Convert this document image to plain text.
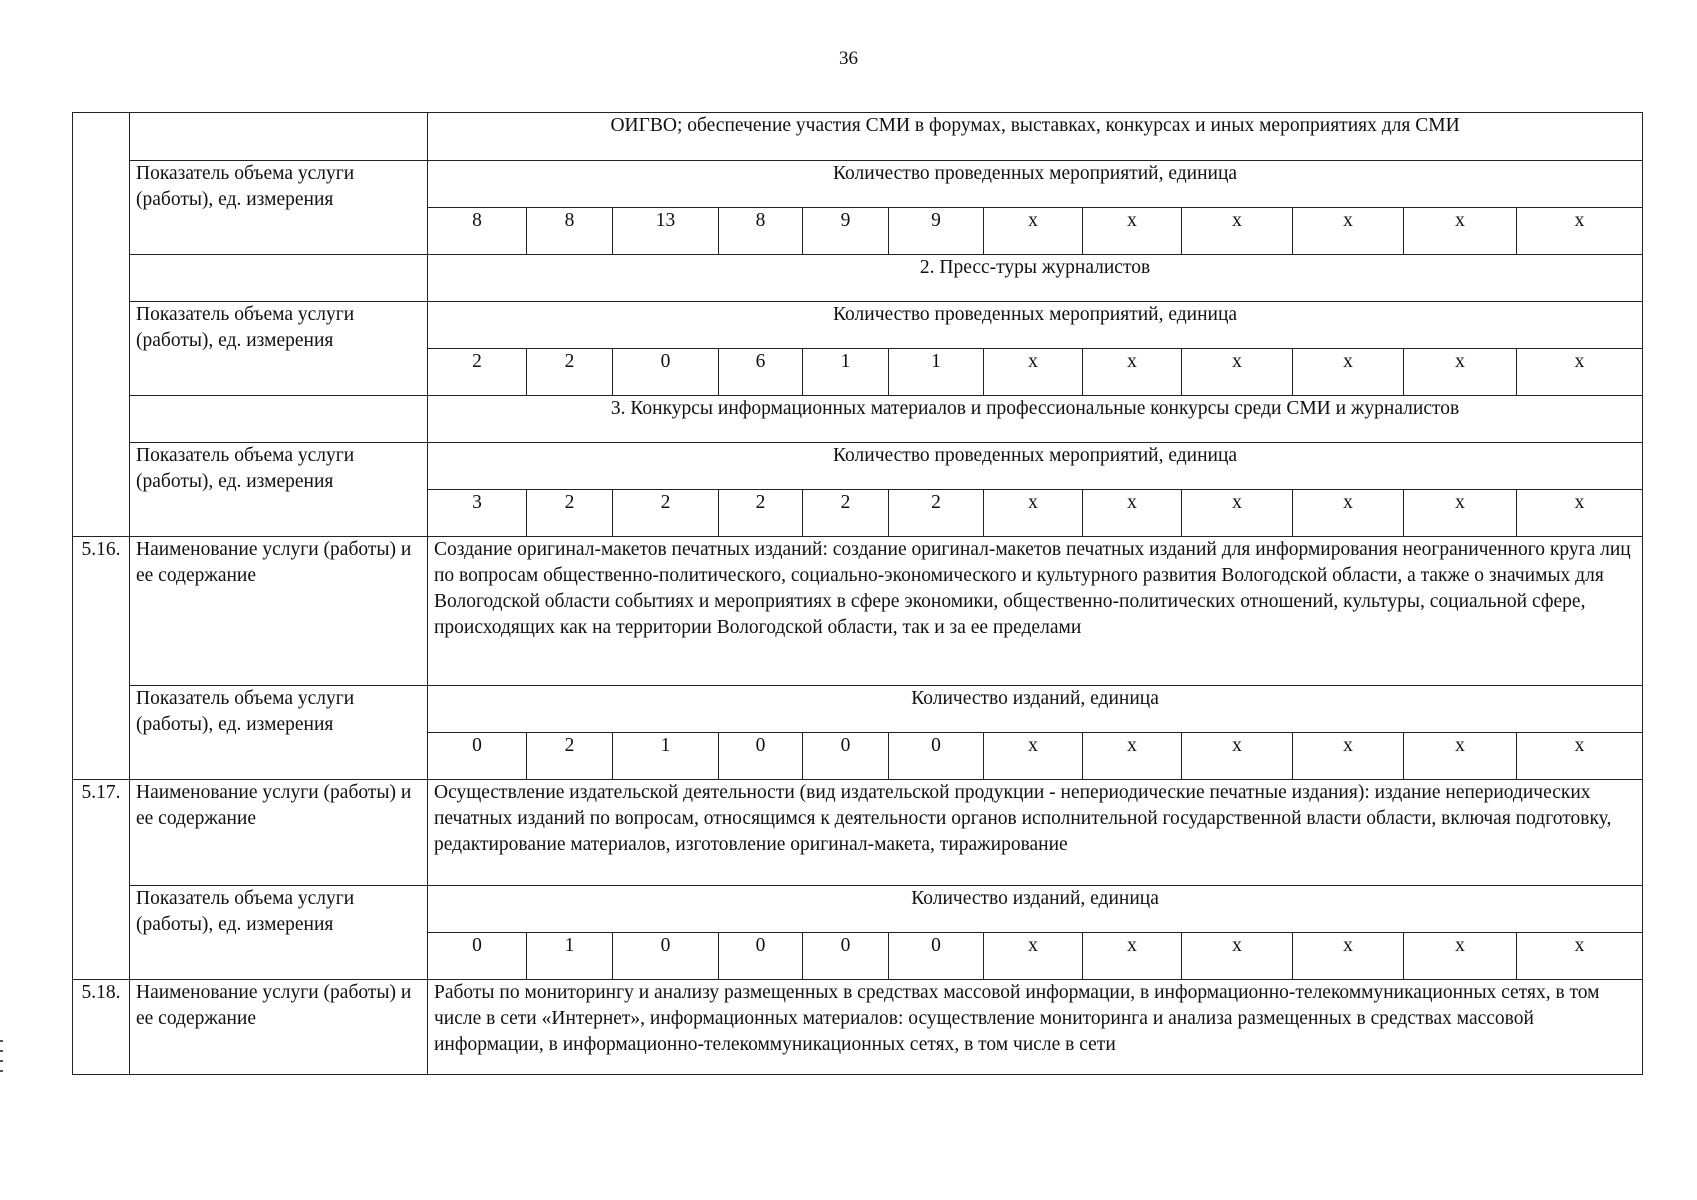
36
		ОИГВО; обеспечение участия СМИ в форумах, выставках, конкурсах и иных мероприятиях для СМИ											
	Показатель объема услуги (работы), ед. измерения	Количество проведенных мероприятий, единица											
		8	8	13	8	9	9	x	x	x	x	x	x
		2. Пресс-туры журналистов											
	Показатель объема услуги (работы), ед. измерения	Количество проведенных мероприятий, единица											
		2	2	0	6	1	1	x	x	x	x	x	x
		3. Конкурсы информационных материалов и профессиональные конкурсы среди СМИ и журналистов											
	Показатель объема услуги (работы), ед. измерения	Количество проведенных мероприятий, единица											
		3	2	2	2	2	2	x	x	x	x	x	x
5.16.	Наименование услуги (работы) и ее содержание	Создание оригинал-макетов печатных изданий: создание оригинал-макетов печатных изданий для информирования неограниченного круга лиц по вопросам общественно-политического, социально-экономического и культурного развития Вологодской области, а также о значимых для Вологодской области событиях и мероприятиях в сфере экономики, общественно-политических отношений, культуры, социальной сфере, происходящих как на территории Вологодской области, так и за ее пределами											
	Показатель объема услуги (работы), ед. измерения	Количество изданий, единица											
		0	2	1	0	0	0	x	x	x	x	x	x
5.17.	Наименование услуги (работы) и ее содержание	Осуществление издательской деятельности (вид издательской продукции - непериодические печатные издания): издание непериодических печатных изданий по вопросам, относящимся к деятельности органов исполнительной государственной власти области, включая подготовку, редактирование материалов, изготовление оригинал-макета, тиражирование											
	Показатель объема услуги (работы), ед. измерения	Количество изданий, единица											
		0	1	0	0	0	0	x	x	x	x	x	x
5.18.	Наименование услуги (работы) и ее содержание	Работы по мониторингу и анализу размещенных в средствах массовой информации, в информационно-телекоммуникационных сетях, в том числе в сети «Интернет», информационных материалов: осуществление мониторинга и анализа размещенных в средствах массовой информации, в информационно-телекоммуникационных сетях, в том числе в сети											
